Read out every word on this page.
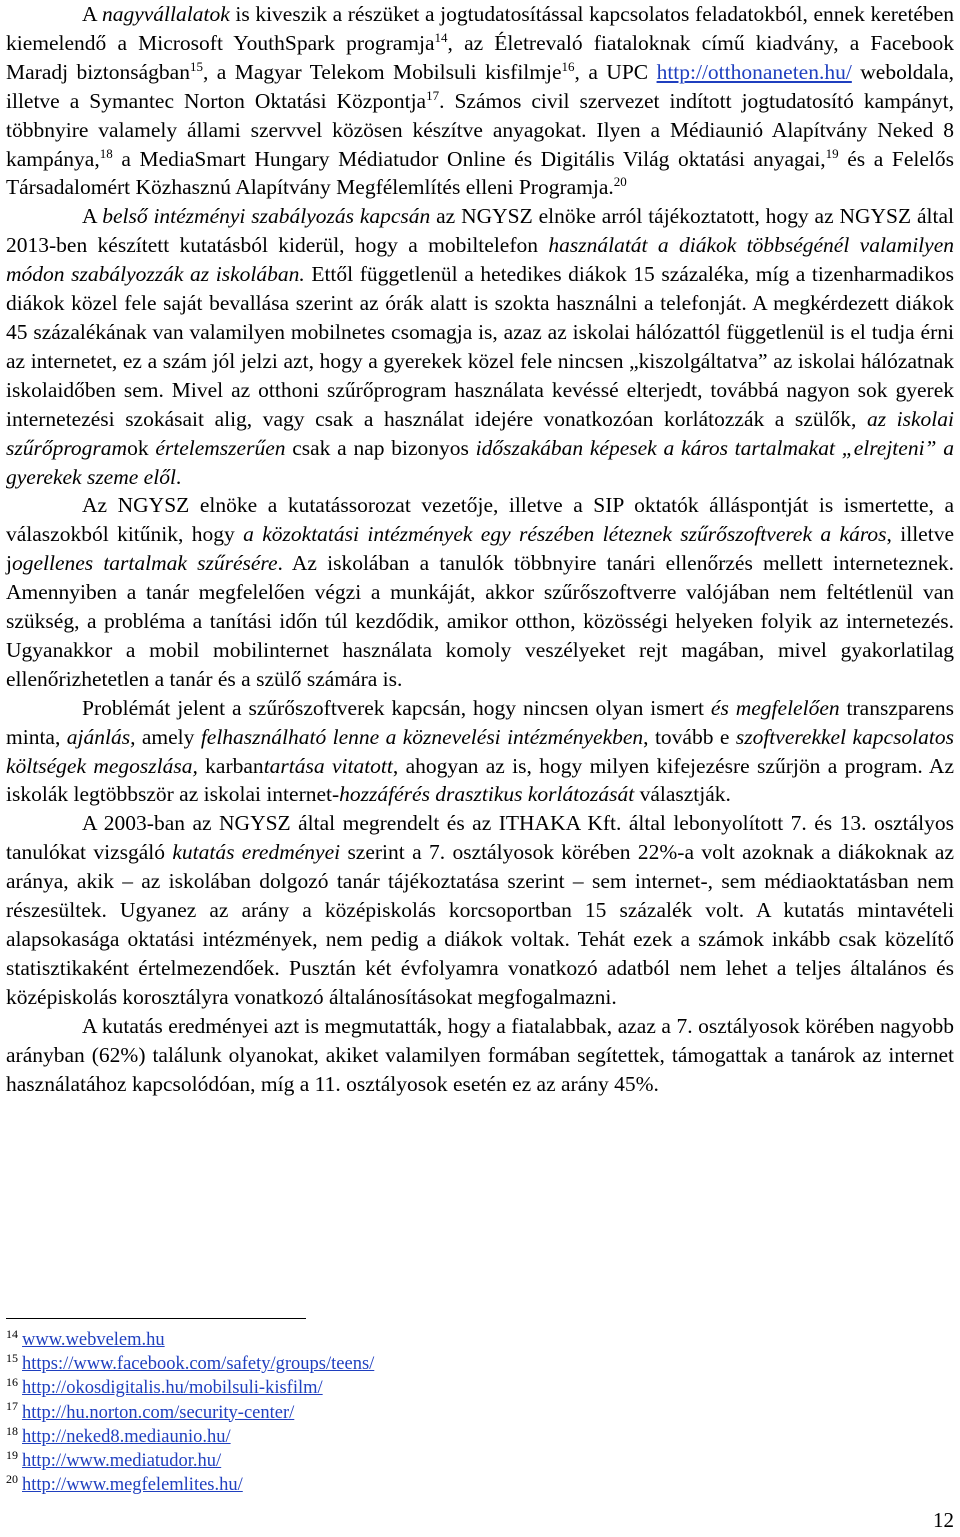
A nagyvállalatok is kiveszik a részüket a jogtudatosítással kapcsolatos feladatokból, ennek keretében kiemelendő a Microsoft YouthSpark programja$^{14}$, az Életrevaló fiataloknak című kiadvány, a Facebook Maradj biztonságban$^{15}$, a Magyar Telekom Mobilsuli kisfilmje$^{16}$, a UPC http://otthonaneten.hu/ weboldala, illetve a Symantec Norton Oktatási Központja$^{17}$. Számos civil szervezet indított jogtudatosító kampányt, többnyire valamely állami szervvel közösen készítve anyagokat. Ilyen a Médiaunió Alapítvány Neked 8 kampánya,$^{18}$ a MediaSmart Hungary Médiatudor Online és Digitális Világ oktatási anyagai,$^{19}$ és a Felelős Társadalomért Közhasznú Alapítvány Megfélemlítés elleni Programja.$^{20}$

A belső intézményi szabályozás kapcsán az NGYSZ elnöke arról tájékoztatott, hogy az NGYSZ által 2013-ben készített kutatásból kiderül, hogy a mobiltelefon használatát a diákok többségénél valamilyen módon szabályozzák az iskolában. Ettől függetlenül a hetedikes diákok 15 százaléka, míg a tizenharmadikos diákok közel fele saját bevallása szerint az órák alatt is szokta használni a telefonját. A megkérdezett diákok 45 százalékának van valamilyen mobilnetes csomagja is, azaz az iskolai hálózattól függetlenül is el tudja érni az internetet, ez a szám jól jelzi azt, hogy a gyerekek közel fele nincsen „kiszolgáltatva” az iskolai hálózatnak iskolaidőben sem. Mivel az otthoni szűrőprogram használata kevéssé elterjedt, továbbá nagyon sok gyerek internetezési szokásait alig, vagy csak a használat idejére vonatkozóan korlátozzák a szülők, az iskolai szűrőprogramok értelemszerűen csak a nap bizonyos időszakában képesek a káros tartalmakat „elrejteni” a gyerekek szeme elől.

Az NGYSZ elnöke a kutatássorozat vezetője, illetve a SIP oktatók álláspontját is ismertette, a válaszokból kitűnik, hogy a közoktatási intézmények egy részében léteznek szűrőszoftverek a káros, illetve jogellenes tartalmak szűrésére. Az iskolában a tanulók többnyire tanári ellenőrzés mellett interneteznek. Amennyiben a tanár megfelelően végzi a munkáját, akkor szűrőszoftverre valójában nem feltétlenül van szükség, a probléma a tanítási időn túl kezdődik, amikor otthon, közösségi helyeken folyik az internetezés. Ugyanakkor a mobil mobilinternet használata komoly veszélyeket rejt magában, mivel gyakorlatilag ellenőrizhetetlen a tanár és a szülő számára is.

Problémát jelent a szűrőszoftverek kapcsán, hogy nincsen olyan ismert és megfelelően transzparens minta, ajánlás, amely felhasználható lenne a köznevelési intézményekben, tovább e szoftverekkel kapcsolatos költségek megoszlása, karbantartása vitatott, ahogyan az is, hogy milyen kifejezésre szűrjön a program. Az iskolák legtöbbször az iskolai internet-hozzáférés drasztikus korlátozását választják.

A 2003-ban az NGYSZ által megrendelt és az ITHAKA Kft. által lebonyolított 7. és 13. osztályos tanulókat vizsgáló kutatás eredményei szerint a 7. osztályosok körében 22%-a volt azoknak a diákoknak az aránya, akik – az iskolában dolgozó tanár tájékoztatása szerint – sem internet-, sem médiaoktatásban nem részesültek. Ugyanez az arány a középiskolás korcsoportban 15 százalék volt. A kutatás mintavételi alapsokasága oktatási intézmények, nem pedig a diákok voltak. Tehát ezek a számok inkább csak közelítő statisztikaként értelmezendőek. Pusztán két évfolyamra vonatkozó adatból nem lehet a teljes általános és középiskolás korosztályra vonatkozó általánosításokat megfogalmazni.

A kutatás eredményei azt is megmutatták, hogy a fiatalabbak, azaz a 7. osztályosok körében nagyobb arányban (62%) találunk olyanokat, akiket valamilyen formában segítettek, támogattak a tanárok az internet használatához kapcsolódóan, míg a 11. osztályosok esetén ez az arány 45%.

$^{14}$ www.webvelem.hu
$^{15}$ https://www.facebook.com/safety/groups/teens/
$^{16}$ http://okosdigitalis.hu/mobilsuli-kisfilm/
$^{17}$ http://hu.norton.com/security-center/
$^{18}$ http://neked8.mediaunio.hu/
$^{19}$ http://www.mediatudor.hu/
$^{20}$ http://www.megfelemlites.hu/
12
